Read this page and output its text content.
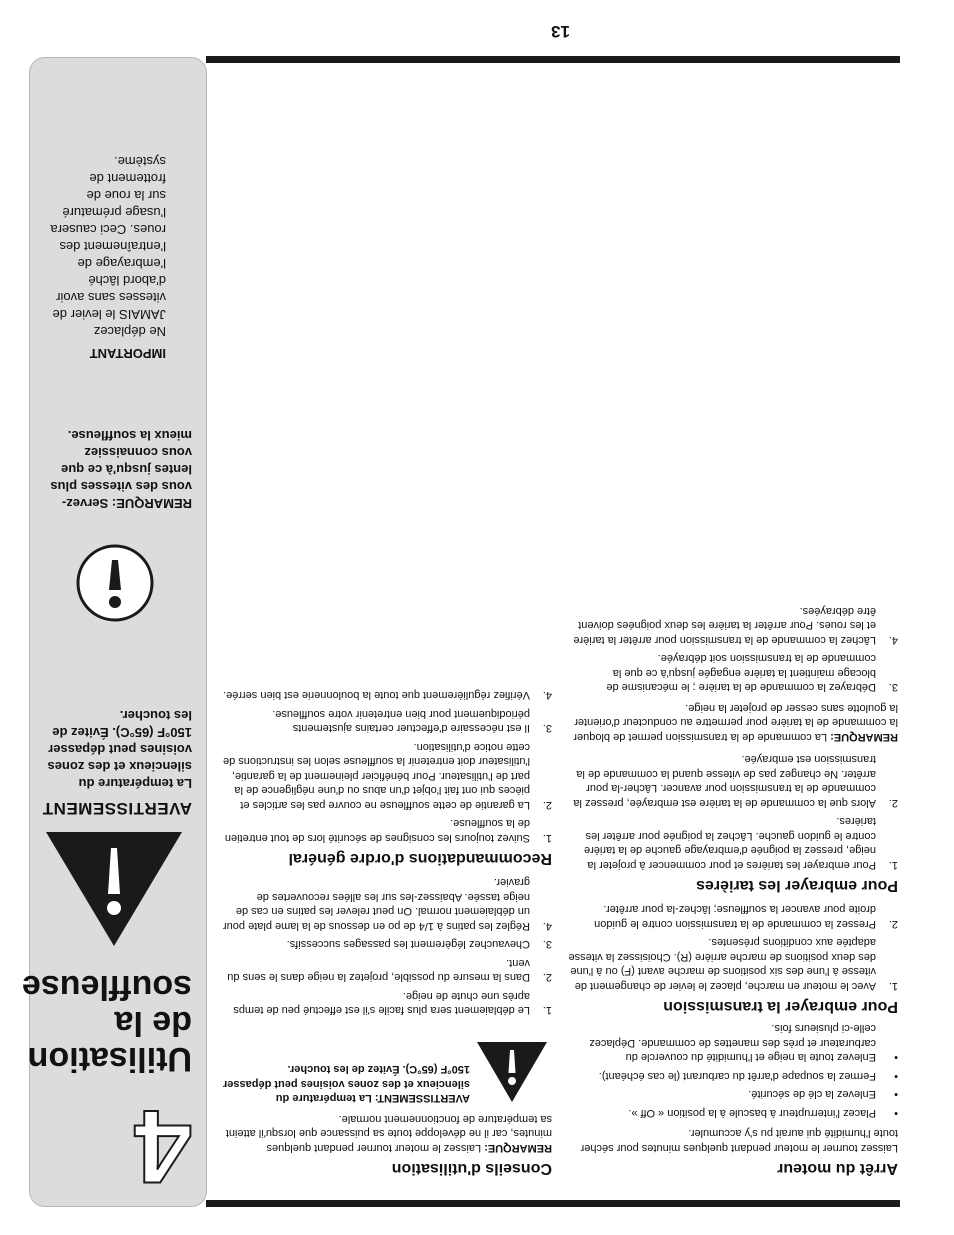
13
4
Utilisation
de la
souffleuse
AVERTISSEMENT
La température du silencieux et des zones voisines peut dépasser 150°F (65°C). Évitez de les toucher.
REMARQUE: Servez-vous des vitesses plus lentes jusqu'à ce que vous connaissiez mieux la souffleuse.
IMPORTANT
Ne déplacez JAMAIS le levier de vitesses sans avoir d'abord lâché l'embrayage de l'entraînement des roues. Ceci causera l'usage prématuré sur la roue de frottement de système.
Conseils d'utilisation

REMARQUE: Laissez le moteur tourner pendant quelques minutes, car il ne développe toute sa puissance que lorsqu'il atteint sa température de fonctionnement normale.

AVERTISSEMENT: La température du silencieux et des zones voisines peut dépasser 150°F (65°C). Évitez de les toucher.
1.
Le déblaiement sera plus facile s'il est effectué peu de temps après une chute de neige.
2.
Dans la mesure du possible, projetez la neige dans le sens du vent.
3.
Chevauchez légèrement les passages successifs.
4.
Réglez les patins à 1/4 de po en dessous de la lame plate pour un déblaiement normal. On peut relever les patins en cas de neige tassée. Abaissez-les sur les allées recouvertes de gravier.
Recommandations d'ordre général
1.
Suivez toujours les consignes de sécurité lors de tout entretien de la souffleuse.
2.
La garantie de cette souffleuse ne couvre pas les articles et pièces qui ont fait l'objet d'un abus ou d'une négligence de la part de l'utilisateur. Pour bénéficier pleinement de la garantie, l'utilisateur doit entretenir la souffleuse selon les instructions de cette notice d'utilisation.
3.
Il est nécessaire d'effectuer certains ajustements périodiquement pour bien entretenir votre souffleuse.
4.
Vérifiez régulièrement que toute la boulonnerie est bien serrée.
Arrêt du moteur

Laissez tourner le moteur pendant quelques minutes pour sécher toute l'humidité qui aurait pu s'y accumuler.

•
Placez l'interrupteur à bascule à la position « Off ».
•
Enlevez la clé de sécurité.
•
Fermez la soupape d'arrêt du carburant (le cas échéant).
•
Enlevez toute la neige et l'humidité du couvercle du carburateur et près des manettes de commande. Déplacez celle-ci plusieurs fois.
Pour embrayer la transmission
1.
Avec le moteur en marche, placez le levier de changement de vitesse à l'une des six positions de marche avant (F) ou à l'une des deux positions de marche arrière (R). Choisissez la vitesse adaptée aux conditions présentes.
2.
Pressez la commande de la transmission contre le guidon droite pour avancer la souffleuse; lâchez-la pour arrêter.
Pour embrayer les tarières
1.
Pour embrayer les tarières et pour commencer à projeter la neige, pressez la poignée d'embrayage gauche de la tarière contre le guidon gauche. Lâchez la poignée pour arrêter les tarières.
2.
Alors que la commande de la tarière est embrayée, pressez la commande de la transmission pour avancer. Lâcher-la pour arrêter. Ne changez pas de vitesse quand la commande de la transmission est embrayée.

REMARQUE: La commande de la transmission permet de bloquer la commande de la tarière pour permettre au conducteur d'orienter la goulotte sans cesser de projeter la neige.

3.
Débrayez la commande de la tarière ; le mécanisme de blocage maintient la tarière engagée jusqu'à ce que la commande de la transmission soit débrayée.
4.
Lâchez la commande de la transmission pour arrêter la tarière et les roues. Pour arrêter la tarière les deux poignées doivent être débrayées.
